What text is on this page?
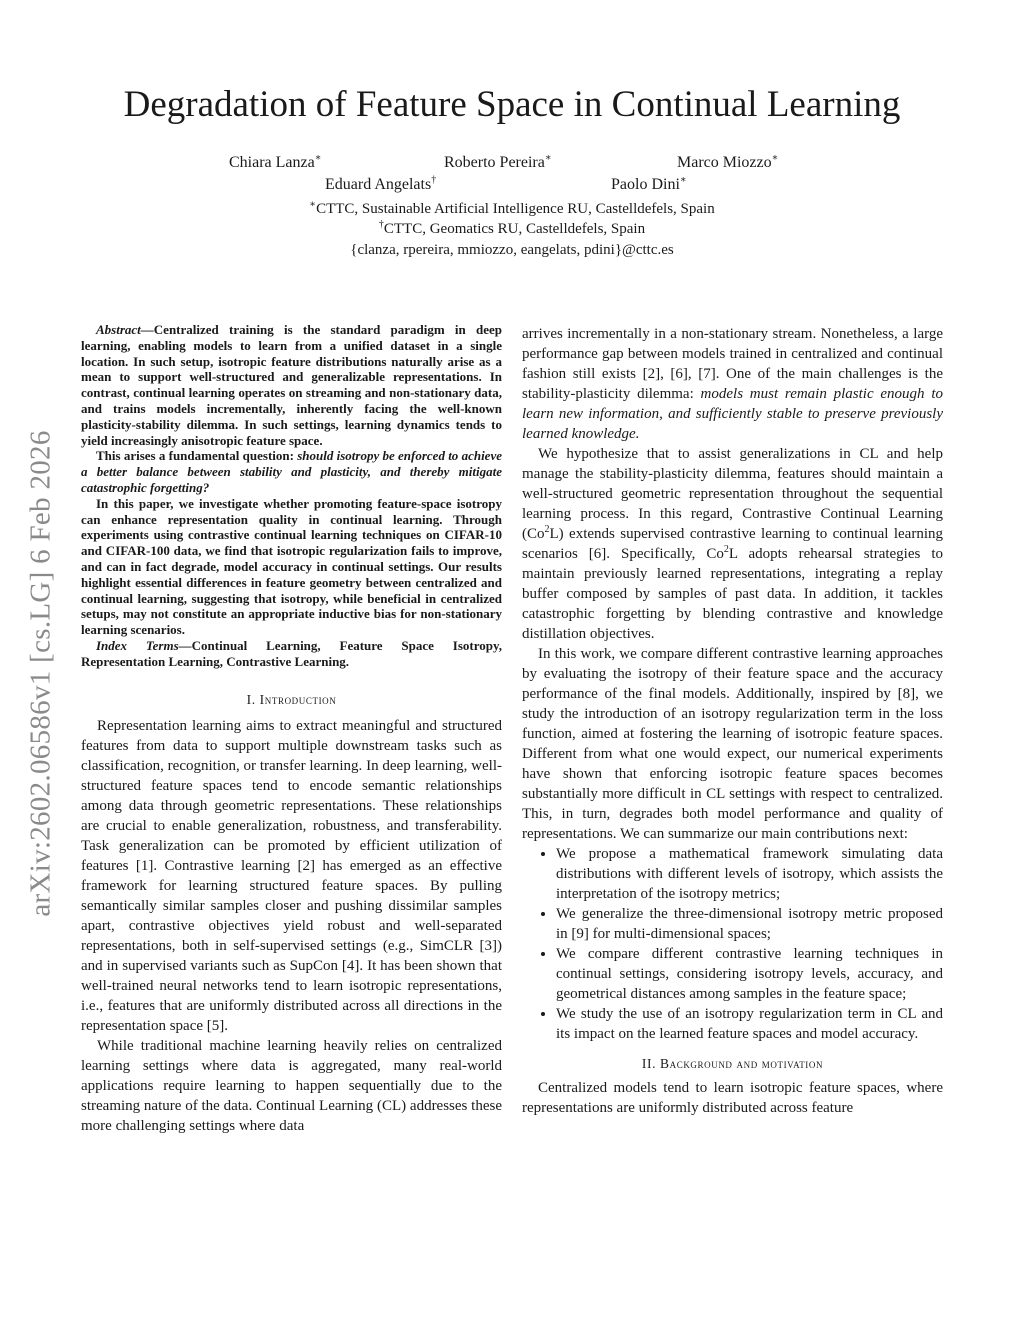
arXiv:2602.06586v1 [cs.LG] 6 Feb 2026
Degradation of Feature Space in Continual Learning
Chiara Lanza∗	Roberto Pereira∗	Marco Miozzo∗
Eduard Angelats†	Paolo Dini∗
∗CTTC, Sustainable Artificial Intelligence RU, Castelldefels, Spain
†CTTC, Geomatics RU, Castelldefels, Spain
{clanza, rpereira, mmiozzo, eangelats, pdini}@cttc.es

Abstract—Centralized training is the standard paradigm in deep learning, enabling models to learn from a unified dataset in a single location. In such setup, isotropic feature distributions naturally arise as a mean to support well-structured and generalizable representations. In contrast, continual learning operates on streaming and non-stationary data, and trains models incrementally, inherently facing the well-known plasticity-stability dilemma. In such settings, learning dynamics tends to yield increasingly anisotropic feature space.

This arises a fundamental question: should isotropy be enforced to achieve a better balance between stability and plasticity, and thereby mitigate catastrophic forgetting?

In this paper, we investigate whether promoting feature-space isotropy can enhance representation quality in continual learning. Through experiments using contrastive continual learning techniques on CIFAR-10 and CIFAR-100 data, we find that isotropic regularization fails to improve, and can in fact degrade, model accuracy in continual settings. Our results highlight essential differences in feature geometry between centralized and continual learning, suggesting that isotropy, while beneficial in centralized setups, may not constitute an appropriate inductive bias for non-stationary learning scenarios.

Index Terms—Continual Learning, Feature Space Isotropy, Representation Learning, Contrastive Learning.

I. Introduction

Representation learning aims to extract meaningful and structured features from data to support multiple downstream tasks such as classification, recognition, or transfer learning. In deep learning, well-structured feature spaces tend to encode semantic relationships among data through geometric representations. These relationships are crucial to enable generalization, robustness, and transferability. Task generalization can be promoted by efficient utilization of features [1]. Contrastive learning [2] has emerged as an effective framework for learning structured feature spaces. By pulling semantically similar samples closer and pushing dissimilar samples apart, contrastive objectives yield robust and well-separated representations, both in self-supervised settings (e.g., SimCLR [3]) and in supervised variants such as SupCon [4]. It has been shown that well-trained neural networks tend to learn isotropic representations, i.e., features that are uniformly distributed across all directions in the representation space [5].

While traditional machine learning heavily relies on centralized learning settings where data is aggregated, many real-world applications require learning to happen sequentially due to the streaming nature of the data. Continual Learning (CL) addresses these more challenging settings where data

arrives incrementally in a non-stationary stream. Nonetheless, a large performance gap between models trained in centralized and continual fashion still exists [2], [6], [7]. One of the main challenges is the stability-plasticity dilemma: models must remain plastic enough to learn new information, and sufficiently stable to preserve previously learned knowledge.

We hypothesize that to assist generalizations in CL and help manage the stability-plasticity dilemma, features should maintain a well-structured geometric representation throughout the sequential learning process. In this regard, Contrastive Continual Learning (Co$^2$L) extends supervised contrastive learning to continual learning scenarios [6]. Specifically, Co$^2$L adopts rehearsal strategies to maintain previously learned representations, integrating a replay buffer composed by samples of past data. In addition, it tackles catastrophic forgetting by blending contrastive and knowledge distillation objectives.

In this work, we compare different contrastive learning approaches by evaluating the isotropy of their feature space and the accuracy performance of the final models. Additionally, inspired by [8], we study the introduction of an isotropy regularization term in the loss function, aimed at fostering the learning of isotropic feature spaces. Different from what one would expect, our numerical experiments have shown that enforcing isotropic feature spaces becomes substantially more difficult in CL settings with respect to centralized. This, in turn, degrades both model performance and quality of representations. We can summarize our main contributions next:

• We propose a mathematical framework simulating data distributions with different levels of isotropy, which assists the interpretation of the isotropy metrics;
• We generalize the three-dimensional isotropy metric proposed in [9] for multi-dimensional spaces;
• We compare different contrastive learning techniques in continual settings, considering isotropy levels, accuracy, and geometrical distances among samples in the feature space;
• We study the use of an isotropy regularization term in CL and its impact on the learned feature spaces and model accuracy.

II. Background and motivation

Centralized models tend to learn isotropic feature spaces, where representations are uniformly distributed across feature
